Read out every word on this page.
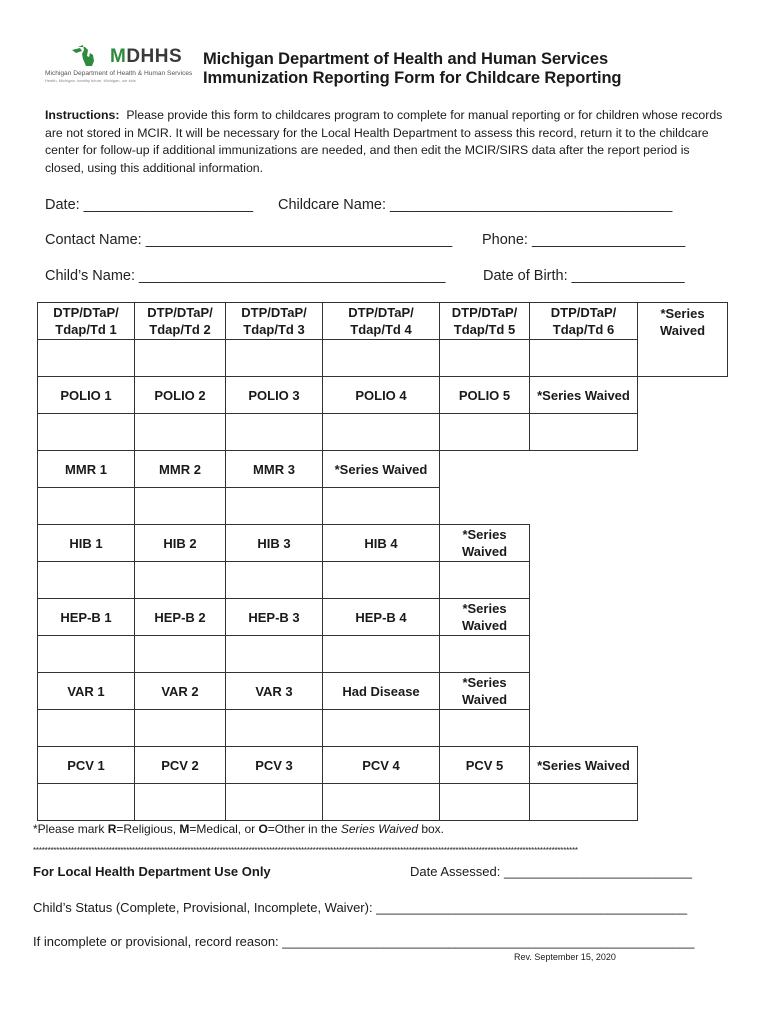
MDHHS
Michigan Department of Health & Human Services
Health, Michigan, healthy future, Michigan, our kids
Michigan Department of Health and Human Services
Immunization Reporting Form for Childcare Reporting
Instructions: Please provide this form to childcares program to complete for manual reporting or for children whose records are not stored in MCIR. It will be necessary for the Local Health Department to assess this record, return it to the childcare center for follow-up if additional immunizations are needed, and then edit the MCIR/SIRS data after the report period is closed, using this additional information.
Date: _____________________ Childcare Name: ___________________________________
Contact Name: ______________________________________ Phone: ___________________
Child’s Name: ______________________________________	Date of Birth: ______________
DTP/DTaP/ Tdap/Td 1	DTP/DTaP/ Tdap/Td 2	DTP/DTaP/ Tdap/Td 3	DTP/DTaP/ Tdap/Td 4	DTP/DTaP/ Tdap/Td 5	DTP/DTaP/ Tdap/Td 6	*Series Waived

POLIO 1	POLIO 2	POLIO 3	POLIO 4	POLIO 5	*Series Waived	

MMR 1	MMR 2	MMR 3	*Series Waived			

HIB 1	HIB 2	HIB 3	HIB 4	*Series Waived		

HEP-B 1	HEP-B 2	HEP-B 3	HEP-B 4	*Series Waived		

VAR 1	VAR 2	VAR 3	Had Disease	*Series Waived		

PCV 1	PCV 2	PCV 3	PCV 4	PCV 5	*Series Waived	

*Please mark R=Religious, M=Medical, or O=Other in the Series Waived box.
*******************************************************************************************************************************************************************************************
For Local Health Department Use Only	Date Assessed: __________________________
Child’s Status (Complete, Provisional, Incomplete, Waiver): ___________________________________________
If incomplete or provisional, record reason: _________________________________________________________
Rev. September 15, 2020
